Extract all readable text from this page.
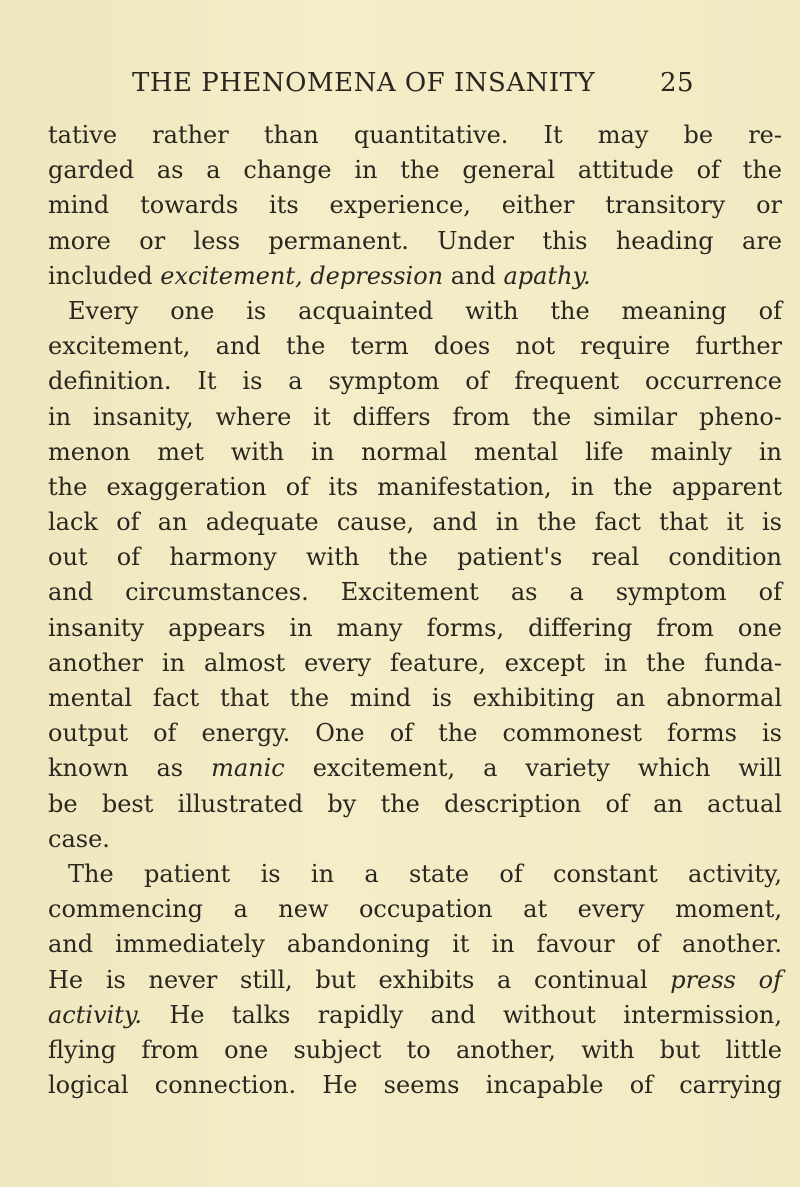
THE PHENOMENA OF INSANITY 25
tative rather than quantitative. It may be re-
garded as a change in the general attitude of the
mind towards its experience, either transitory or
more or less permanent. Under this heading are
included excitement, depression and apathy.
Every one is acquainted with the meaning of
excitement, and the term does not require further
definition. It is a symptom of frequent occurrence
in insanity, where it differs from the similar pheno-
menon met with in normal mental life mainly in
the exaggeration of its manifestation, in the apparent
lack of an adequate cause, and in the fact that it is
out of harmony with the patient's real condition
and circumstances. Excitement as a symptom of
insanity appears in many forms, differing from one
another in almost every feature, except in the funda-
mental fact that the mind is exhibiting an abnormal
output of energy. One of the commonest forms is
known as manic excitement, a variety which will
be best illustrated by the description of an actual
case.
The patient is in a state of constant activity,
commencing a new occupation at every moment,
and immediately abandoning it in favour of another.
He is never still, but exhibits a continual press of
activity. He talks rapidly and without intermission,
flying from one subject to another, with but little
logical connection. He seems incapable of carrying
